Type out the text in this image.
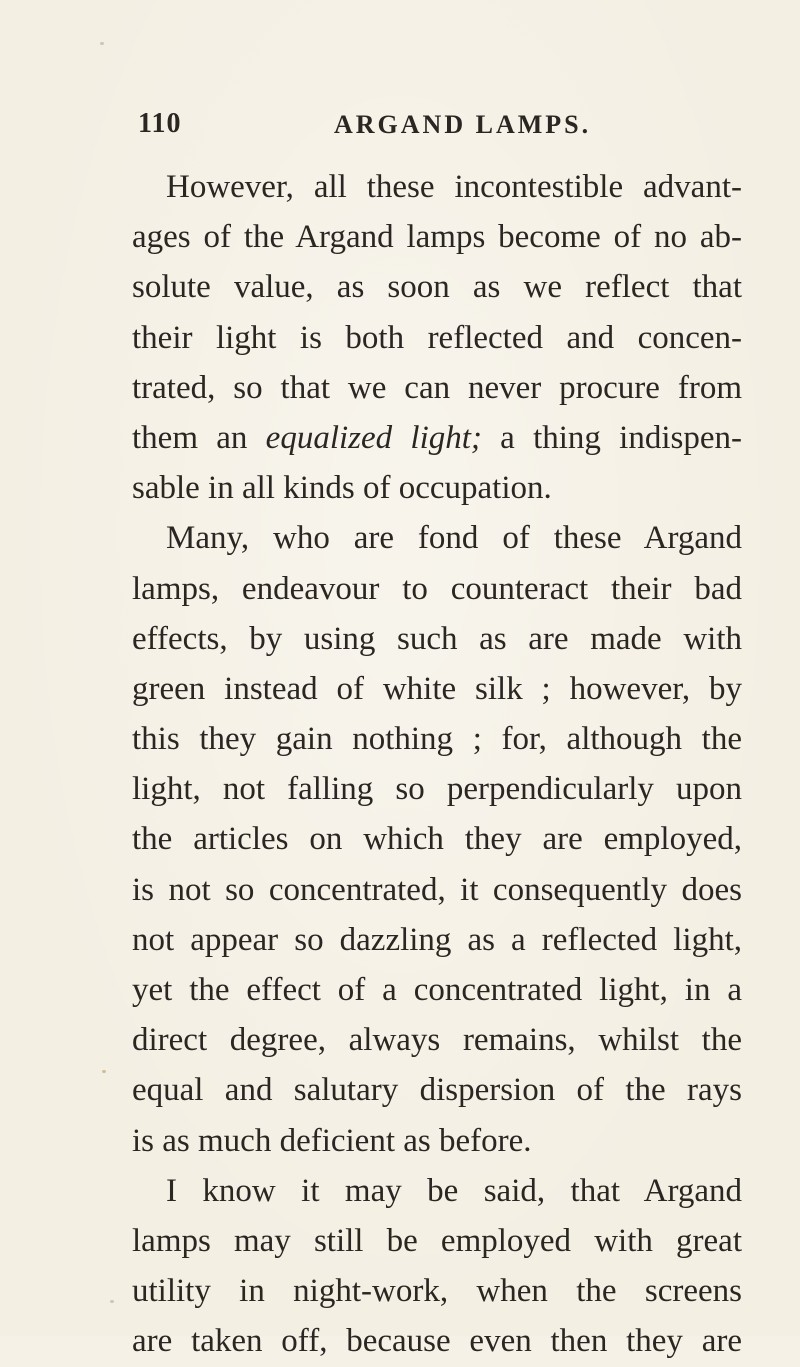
110	ARGAND LAMPS.
However, all these incontestible advant-
ages of the Argand lamps become of no ab-
solute value, as soon as we reflect that
their light is both reflected and concen-
trated, so that we can never procure from
them an equalized light; a thing indispen-
sable in all kinds of occupation.
Many, who are fond of these Argand
lamps, endeavour to counteract their bad
effects, by using such as are made with
green instead of white silk ; however, by
this they gain nothing ; for, although the
light, not falling so perpendicularly upon
the articles on which they are employed,
is not so concentrated, it consequently does
not appear so dazzling as a reflected light,
yet the effect of a concentrated light, in a
direct degree, always remains, whilst the
equal and salutary dispersion of the rays
is as much deficient as before.
I know it may be said, that Argand
lamps may still be employed with great
utility in night-work, when the screens
are taken off, because even then they are
